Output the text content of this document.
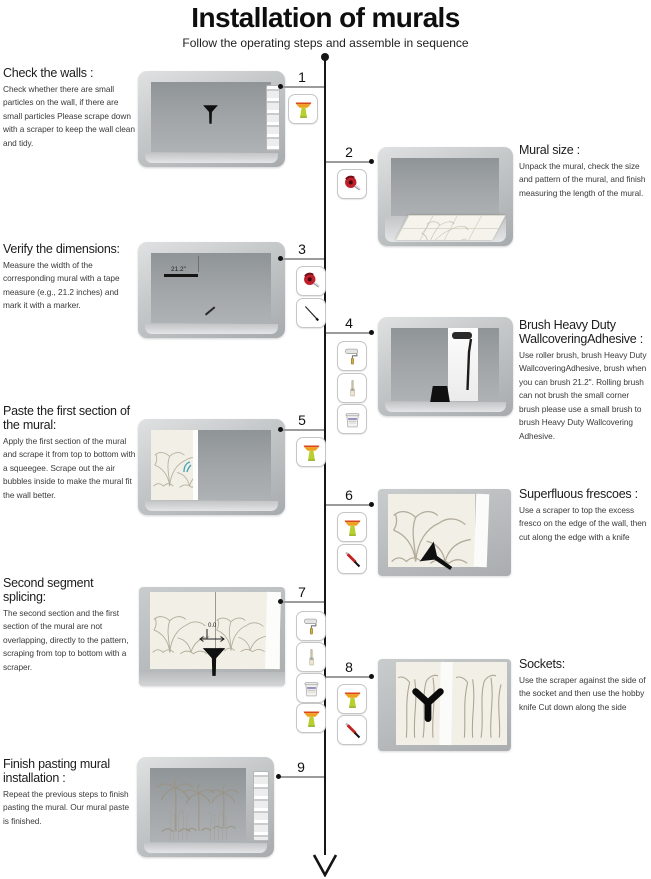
Installation of murals
Follow the operating steps and assemble in sequence
Check the walls :
Check whether there are small particles on the wall, if there are small particles Please scrape down with a scraper to keep the wall clean and tidy.
1
2	Mural size :
Unpack the mural, check the size and pattern of the mural, and finish measuring the length of the mural.
Verify the dimensions:
Measure the width of the corresponding mural with a tape measure (e.g., 21.2 inches) and mark it with a marker.
21.2"
3
4	Brush Heavy Duty WallcoveringAdhesive :
Use roller brush, brush Heavy Duty WallcoveringAdhesive, brush when you can brush 21.2". Rolling brush can not brush the small corner brush please use a small brush to brush Heavy Duty Wallcovering Adhesive.
Paste the first section of the mural:
Apply the first section of the mural and scrape it from top to bottom with a squeegee. Scrape out the air bubbles inside to make the mural fit the wall better.
5
6	Superfluous frescoes :
Use a scraper to top the excess fresco on the edge of the wall, then cut along the edge with a knife
Second segment splicing:
The second section and the first section of the mural are not overlapping, directly to the pattern, scraping from top to bottom with a scraper.
0.0
7
8	Sockets:
Use the scraper against the side of the socket and then use the hobby knife Cut down along the side
Finish pasting mural installation :
Repeat the previous steps to finish pasting the mural. Our mural paste is finished.
9
